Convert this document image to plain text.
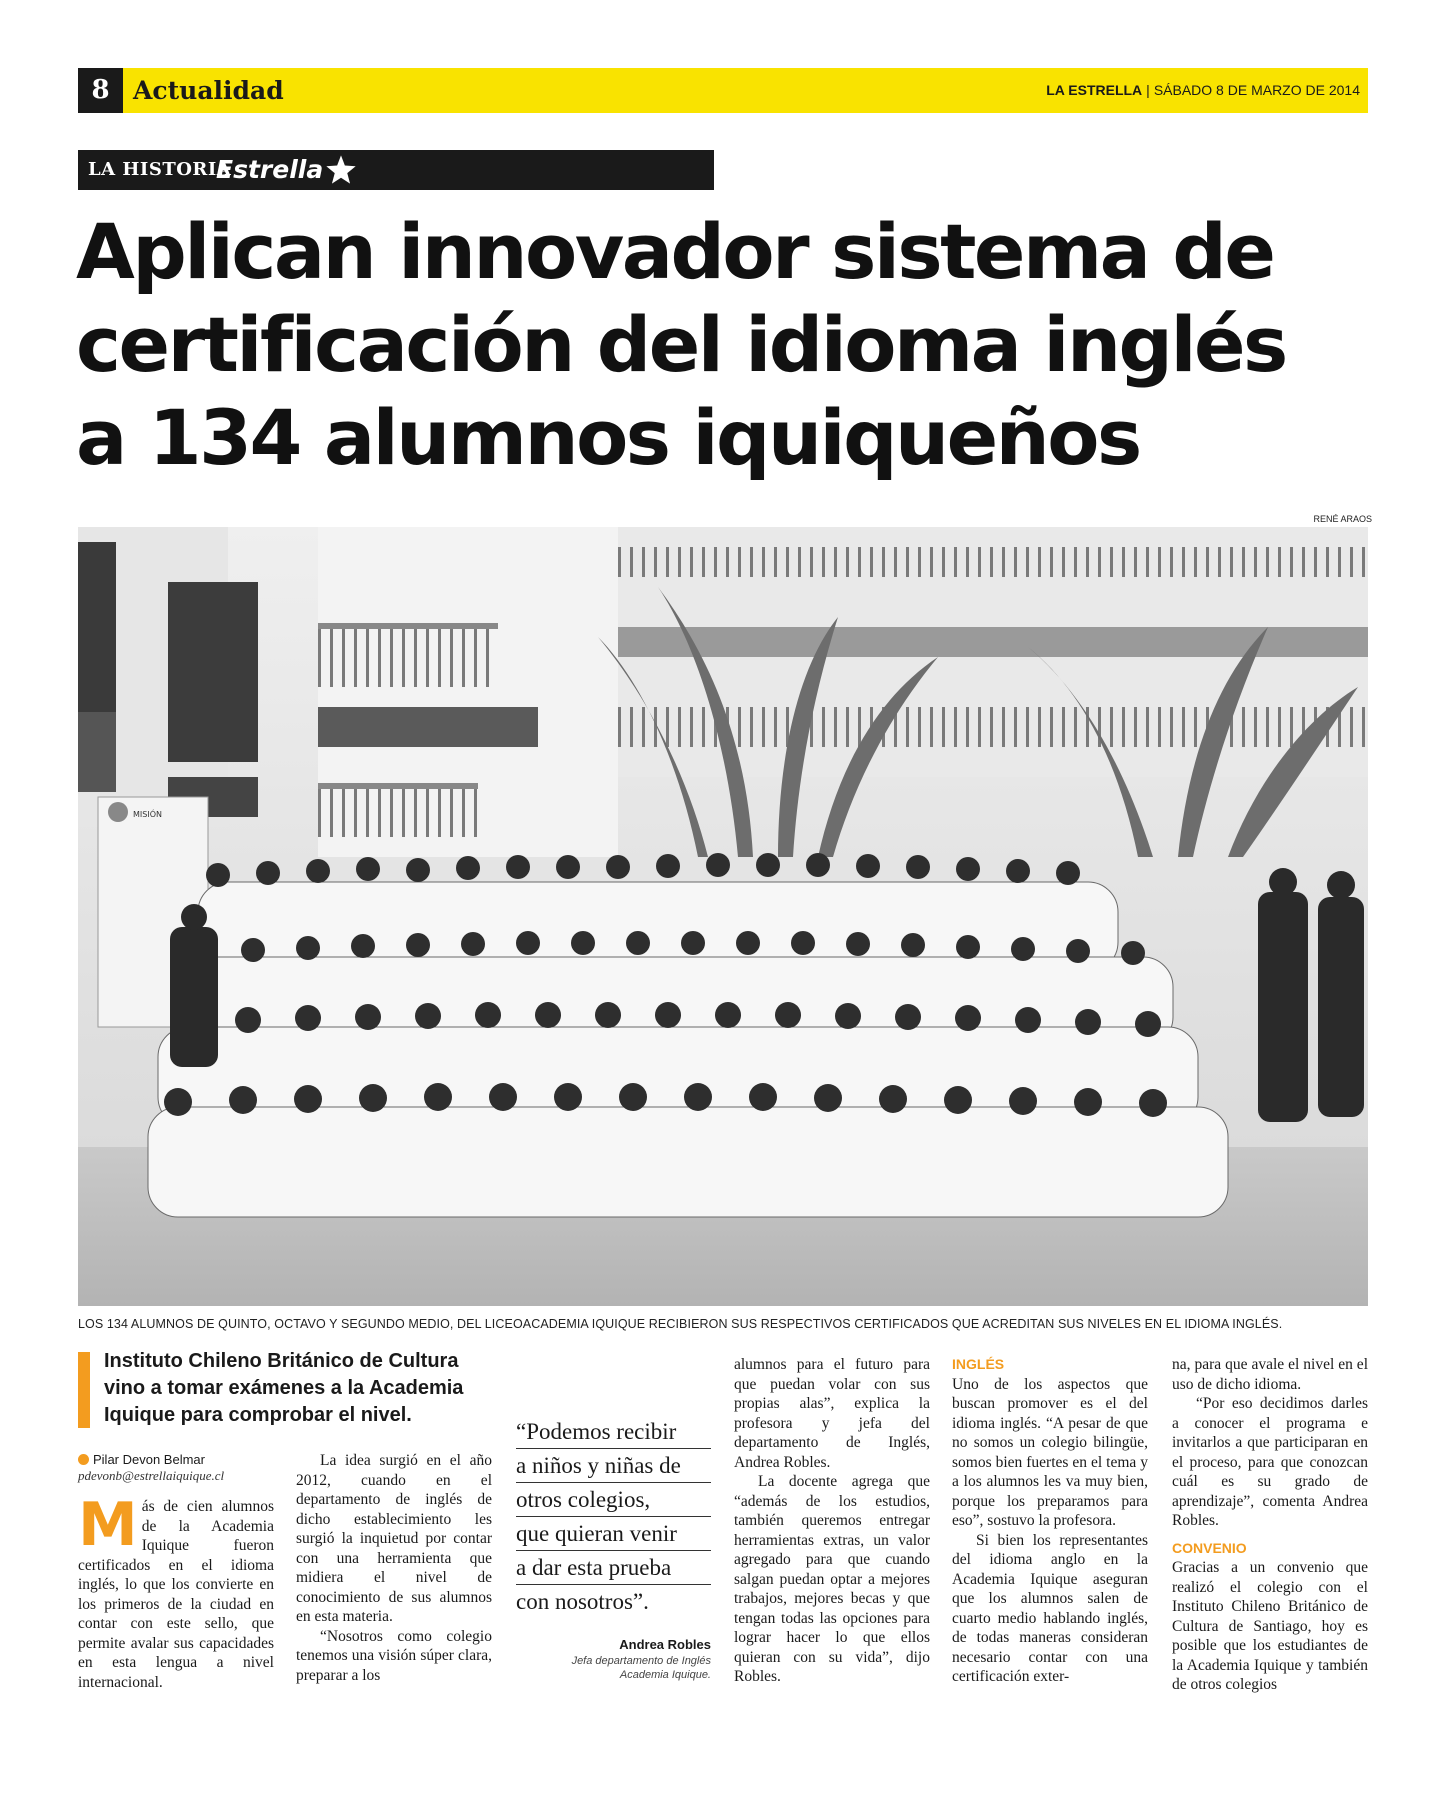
8 Actualidad	LA ESTRELLA | SÁBADO 8 DE MARZO DE 2014
LA HISTORIA
Estrella
Aplican innovador sistema de
certificación del idioma inglés
a 134 alumnos iquiqueños
RENÉ ARAOS
MISIÓN
LOS 134 ALUMNOS DE QUINTO, OCTAVO Y SEGUNDO MEDIO, DEL LICEOACADEMIA IQUIQUE RECIBIERON SUS RESPECTIVOS CERTIFICADOS QUE ACREDITAN SUS NIVELES EN EL IDIOMA INGLÉS.
Instituto Chileno Británico de Cultura vino a tomar exámenes a la Academia Iquique para comprobar el nivel.
Pilar Devon Belmar
pdevonb@estrellaiquique.cl
M ás de cien alumnos de la Academia Iquique fueron certificados en el idioma inglés, lo que los convierte en los primeros de la ciudad en contar con este sello, que permite avalar sus capacidades en esta lengua a nivel internacional.

La idea surgió en el año 2012, cuando en el departamento de inglés de dicho establecimiento les surgió la inquietud por contar con una herramienta que midiera el nivel de conocimiento de sus alumnos en esta materia.

“Nosotros como colegio tenemos una visión súper clara, preparar a los

“Podemos recibir
a niños y niñas de
otros colegios,
que quieran venir
a dar esta prueba
con nosotros”.
Andrea Robles
Jefa departamento de Inglés
Academia Iquique.

alumnos para el futuro para que puedan volar con sus propias alas”, explica la profesora y jefa del departamento de Inglés, Andrea Robles.

La docente agrega que “además de los estudios, también queremos entregar herramientas extras, un valor agregado para que cuando salgan puedan optar a mejores trabajos, mejores becas y que tengan todas las opciones para lograr hacer lo que ellos quieran con su vida”, dijo Robles.

INGLÉS

Uno de los aspectos que buscan promover es el del idioma inglés. “A pesar de que no somos un colegio bilingüe, somos bien fuertes en el tema y a los alumnos les va muy bien, porque los preparamos para eso”, sostuvo la profesora.

Si bien los representantes del idioma anglo en la Academia Iquique aseguran que los alumnos salen de cuarto medio hablando inglés, de todas maneras consideran necesario contar con una certificación exter-

na, para que avale el nivel en el uso de dicho idioma.

“Por eso decidimos darles a conocer el programa e invitarlos a que participaran en el proceso, para que conozcan cuál es su grado de aprendizaje”, comenta Andrea Robles.

CONVENIO

Gracias a un convenio que realizó el colegio con el Instituto Chileno Británico de Cultura de Santiago, hoy es posible que los estudiantes de la Academia Iquique y también de otros colegios
